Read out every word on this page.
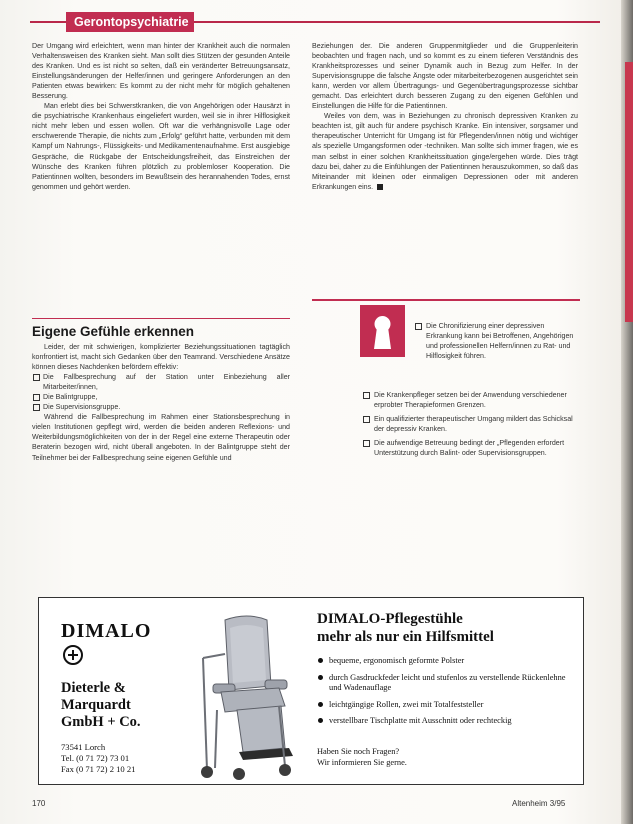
Gerontopsychiatrie

Der Umgang wird erleichtert, wenn man hinter der Krankheit auch die normalen Verhaltensweisen des Kranken sieht. Man sollt dies Stützen der gesunden Anteile des Kranken. Und es ist nicht so selten, daß ein veränderter Betreuungsansatz, Einstellungsänderungen der Helfer/innen und geringere Anforderungen an den Patienten etwas bewirken: Es kommt zu der nicht mehr für möglich gehaltenen Besserung.

Man erlebt dies bei Schwerstkranken, die von Angehörigen oder Hausärzt in die psychiatrische Krankenhaus eingeliefert wurden, weil sie in ihrer Hilflosigkeit nicht mehr leben und essen wollen. Oft war die verhängnisvolle Lage oder erschwerende Therapie, die nichts zum „Erfolg“ geführt hatte, verbunden mit dem Kampf um Nahrungs-, Flüssigkeits- und Medikamentenaufnahme. Erst ausgiebige Gespräche, die Rückgabe der Entscheidungsfreiheit, das Einstreichen der Wünsche des Kranken führen plötzlich zu problemloser Kooperation. Die Patientinnen wollten, besonders im Bewußtsein des herannahenden Todes, ernst genommen und gehört werden.

Beziehungen der. Die anderen Gruppenmitglieder und die Gruppenleiterin beobachten und fragen nach, und so kommt es zu einem tieferen Verständnis des Krankheitsprozesses und seiner Dynamik auch in Bezug zum Helfer. In der Supervisionsgruppe die falsche Ängste oder mitarbeiterbezogenen ausgerichtet sein kann, werden vor allem Übertragungs- und Gegenübertragungsprozesse sichtbar gemacht. Das erleichtert durch besseren Zugang zu den eigenen Gefühlen und Einstellungen die Hilfe für die Patientinnen.

Weiles von dem, was in Beziehungen zu chronisch depressiven Kranken zu beachten ist, gilt auch für andere psychisch Kranke. Ein intensiver, sorgsamer und therapeutischer Unterricht für Umgang ist für Pflegenden/innen nötig und wichtiger als spezielle Umgangsformen oder -techniken. Man sollte sich immer fragen, wie es man selbst in einer solchen Krankheitssituation ginge/ergehen würde. Dies trägt dazu bei, daher zu die Einfühlungen der Patientinnen herauszukommen, so daß das Miteinander mit kleinen oder einmaligen Depressionen oder mit anderen Erkrankungen eins.

Eigene Gefühle erkennen

Leider, der mit schwierigen, komplizierter Beziehungssituationen tagtäglich konfrontiert ist, macht sich Gedanken über den Teamrand. Verschiedene Ansätze können dieses Nachdenken befördern effektiv:

Die Fallbesprechung auf der Station unter Einbeziehung aller Mitarbeiter/innen,

Die Balintgruppe,

Die Supervisionsgruppe.

Während die Fallbesprechung im Rahmen einer Stationsbesprechung in vielen Institutionen gepflegt wird, werden die beiden anderen Reflexions- und Weiterbildungsmöglichkeiten von der in der Regel eine externe Therapeutin oder Beraterin bezogen wird, nicht überall angeboten. In der Balintgruppe steht der Teilnehmer bei der Fallbesprechung seine eigenen Gefühle und

Die Chronifizierung einer depressiven Erkrankung kann bei Betroffenen, Angehörigen und professionellen Helfern/innen zu Rat- und Hilflosigkeit führen.
Die Krankenpfleger setzen bei der Anwendung verschiedener erprobter Therapieformen Grenzen.
Ein qualifizierter therapeutischer Umgang mildert das Schicksal der depressiv Kranken.
Die aufwendige Betreuung bedingt der „Pflegenden erfordert Unterstützung durch Balint- oder Supervisionsgruppen.
DIMALO
Dieterle &
Marquardt
GmbH + Co.
73541 Lorch
Tel. (0 71 72) 73 01
Fax (0 71 72) 2 10 21
DIMALO-Pflegestühle
mehr als nur ein Hilfsmittel
bequeme, ergonomisch geformte Polster
durch Gasdruckfeder leicht und stufenlos zu verstellende Rückenlehne und Wadenauflage
leichtgängige Rollen, zwei mit Totalfeststeller
verstellbare Tischplatte mit Ausschnitt oder rechteckig
Haben Sie noch Fragen?
Wir informieren Sie gerne.
170	Altenheim 3/95
